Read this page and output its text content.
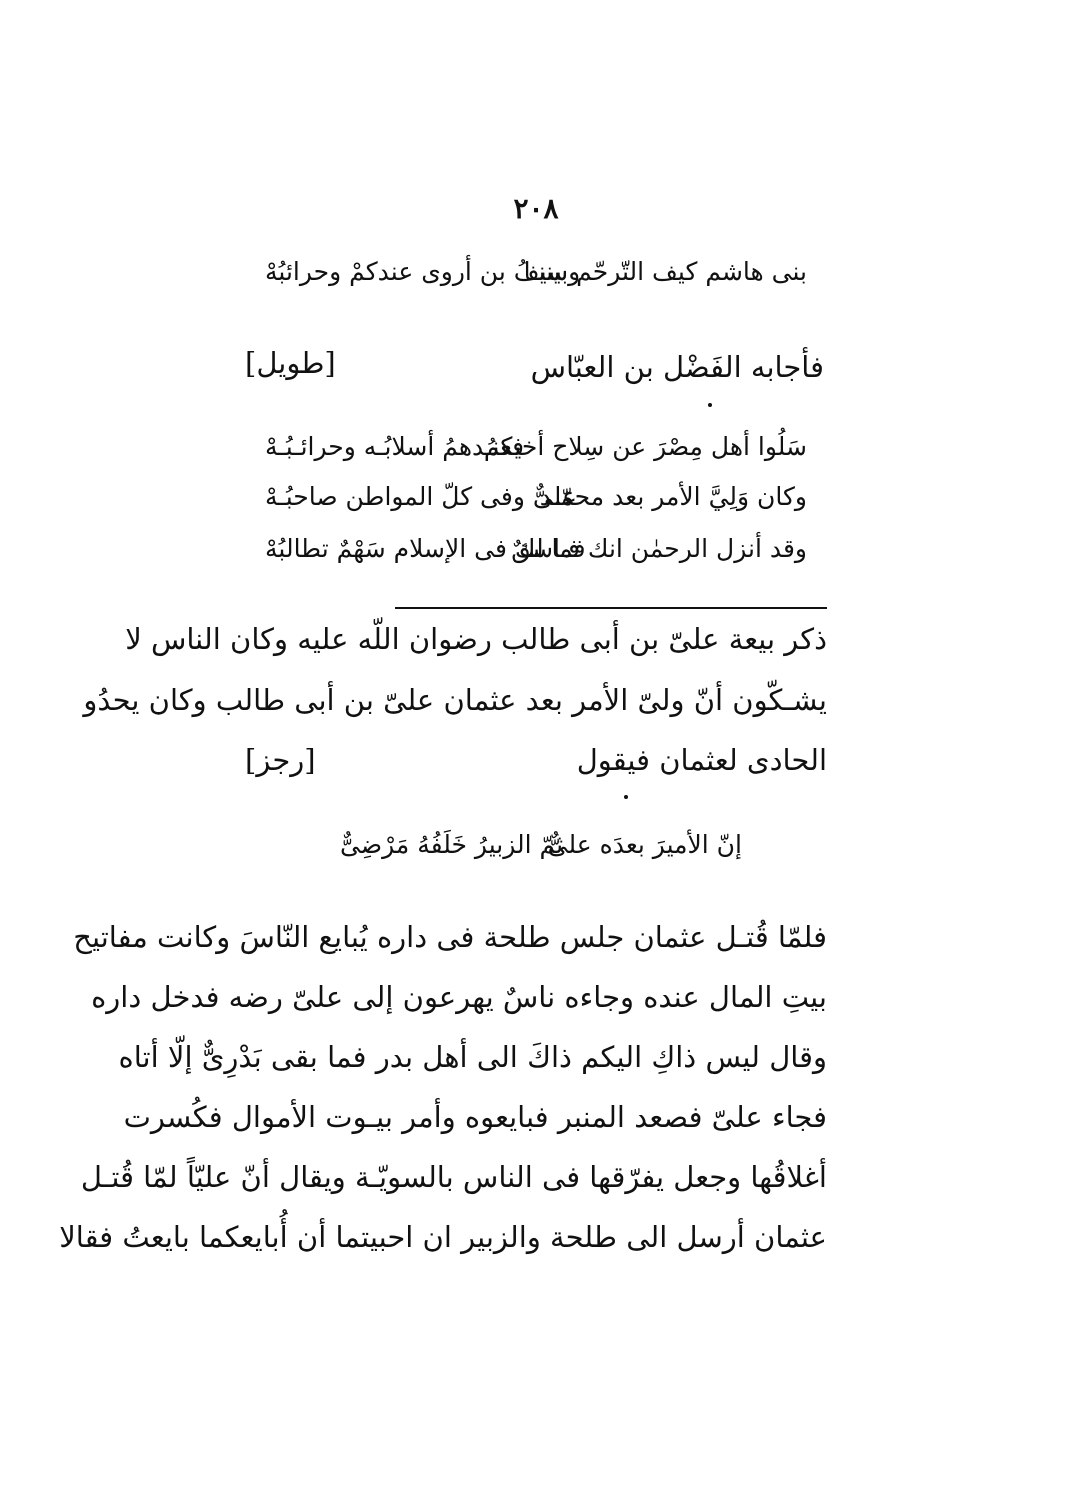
٢٠٨
بنى هاشم كيف التّرحّم بيننـا
وسيفُ بن أروى عندكمْ وحرائبُهْ
فأجابه الفَضْل بن العبّاس
[طويل]
سَلُوا أهل مِصْرَ عن سِلاح أخيكمُ
فعنـدهمُ أسلابُـه وحرائـبُـهْ
وكان وَلِيَّ الأمر بعد محمّـد
علىٌّ وفى كلّ المواطن صاحبُـهْ
وقد أنزل الرحمٰن انك فـاسقٌ
فما لك فى الإسلام سَهْمٌ تطالبُهْ
ذكر بيعة علىّ بن أبى طالب رضوان اللّه عليه وكان الناس لا
يشـكّون أنّ ولىّ الأمر بعد عثمان علىّ بن أبى طالب وكان يحدُو
الحادى لعثمان فيقول
[رجز]
إنّ الأميرَ بعدَه علىٌّ
ثمّ الزبيرُ خَلَفُهُ مَرْضِىٌّ
فلمّا قُتـل عثمان جلس طلحة فى داره يُبايع النّاسَ وكانت مفاتيح
بيتِ المال عنده وجاءه ناسٌ يهرعون إلى علىّ رضه فدخل داره
وقال ليس ذاكِ اليكم ذاكَ الى أهل بدر فما بقى بَدْرِىٌّ إلّا أتاه
فجاء علىّ فصعد المنبر فبايعوه وأمر بيـوت الأموال فكُسرت
أغلاقُها وجعل يفرّقها فى الناس بالسويّـة ويقال أنّ عليّاً لمّا قُتـل
عثمان أرسل الى طلحة والزبير ان احبيتما أن أُبايعكما بايعتُ فقالا
